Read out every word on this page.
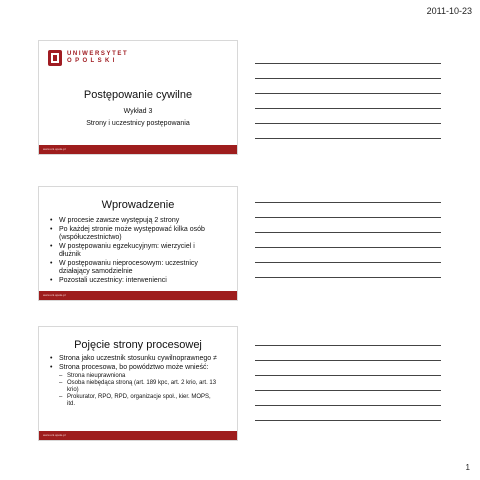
2011-10-23
UNIWERSYTET
OPOLSKI
Postępowanie cywilne
Wykład 3
Strony i uczestnicy postępowania
www.uni.opole.pl
Wprowadzenie
• W procesie zawsze występują 2 strony
• Po każdej stronie może występować kilka osób (współuczestnictwo)
• W postępowaniu egzekucyjnym: wierzyciel i dłużnik
• W postępowaniu nieprocesowym: uczestnicy działający samodzielnie
• Pozostali uczestnicy: interwenienci
www.uni.opole.pl
Pojęcie strony procesowej
• Strona jako uczestnik stosunku cywilnoprawnego ≠
• Strona procesowa, bo powództwo może wnieść:
– Strona nieuprawniona
– Osoba niebędąca stroną (art. 189 kpc, art. 2 krio, art. 13 krio)
– Prokurator, RPO, RPD, organizacje społ., kier. MOPS, itd.
www.uni.opole.pl
1
